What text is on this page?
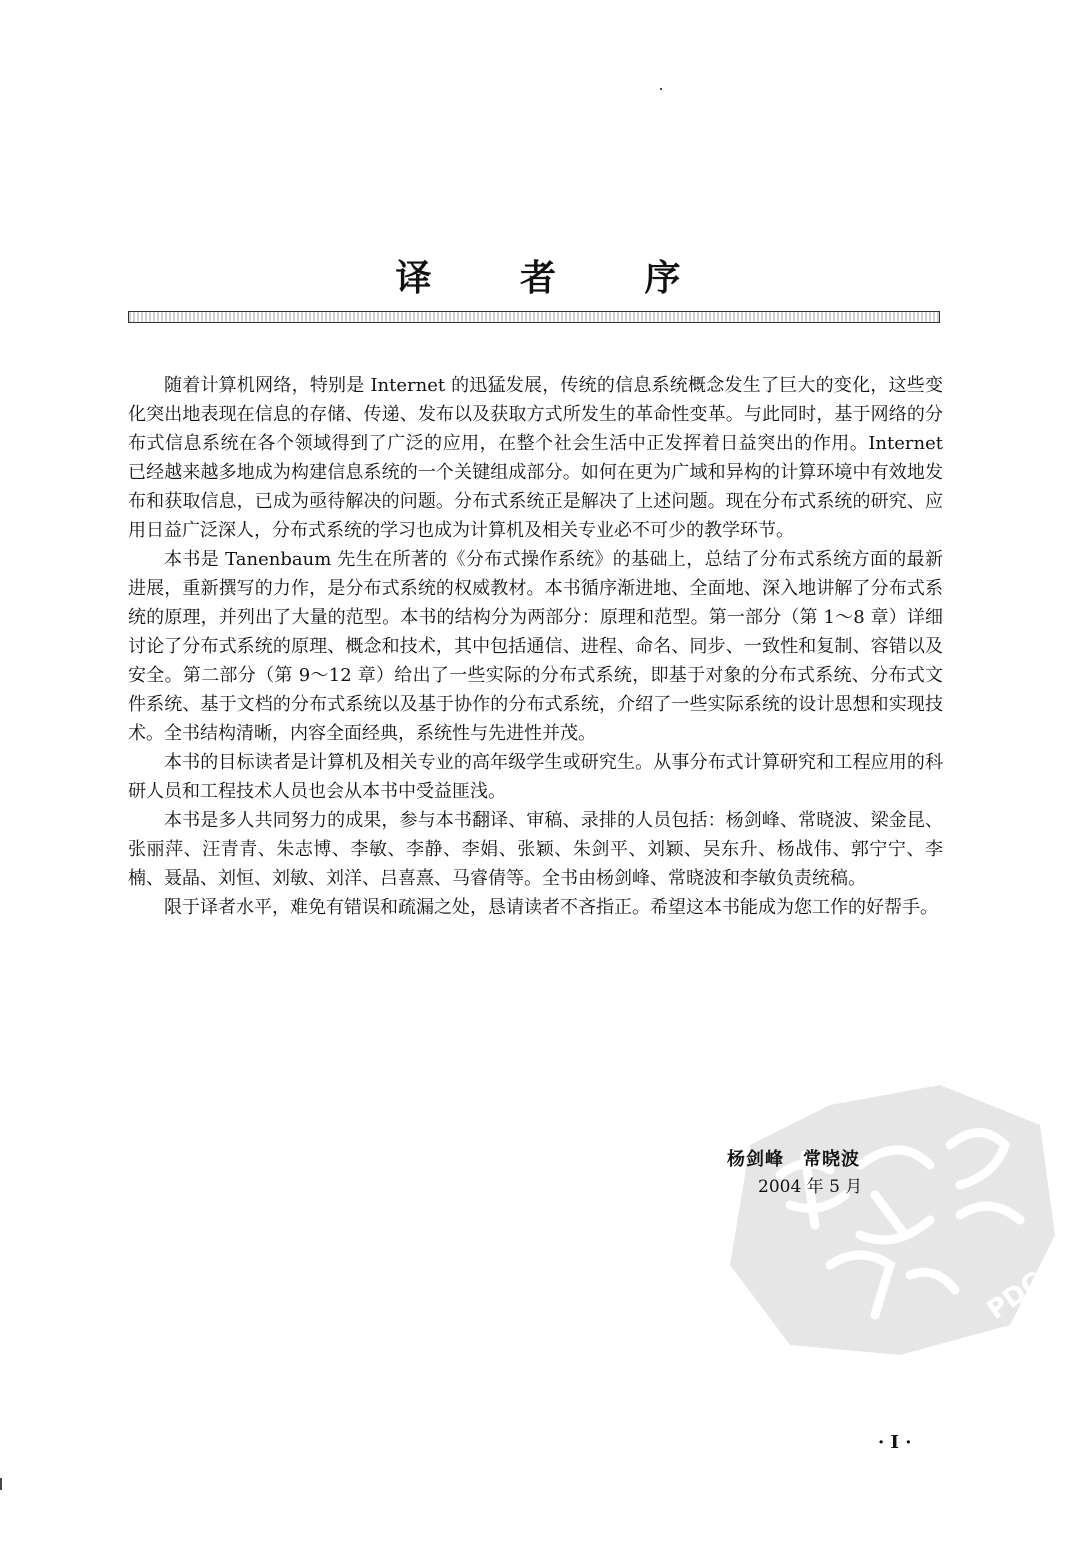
译 者 序

随着计算机网络，特别是 Internet 的迅猛发展，传统的信息系统概念发生了巨大的变化，这些变化突出地表现在信息的存储、传递、发布以及获取方式所发生的革命性变革。与此同时，基于网络的分布式信息系统在各个领域得到了广泛的应用，在整个社会生活中正发挥着日益突出的作用。Internet 已经越来越多地成为构建信息系统的一个关键组成部分。如何在更为广域和异构的计算环境中有效地发布和获取信息，已成为亟待解决的问题。分布式系统正是解决了上述问题。现在分布式系统的研究、应用日益广泛深人，分布式系统的学习也成为计算机及相关专业必不可少的教学环节。

本书是 Tanenbaum 先生在所著的《分布式操作系统》的基础上，总结了分布式系统方面的最新进展，重新撰写的力作，是分布式系统的权威教材。本书循序渐进地、全面地、深入地讲解了分布式系统的原理，并列出了大量的范型。本书的结构分为两部分：原理和范型。第一部分（第 1～8 章）详细讨论了分布式系统的原理、概念和技术，其中包括通信、进程、命名、同步、一致性和复制、容错以及安全。第二部分（第 9～12 章）给出了一些实际的分布式系统，即基于对象的分布式系统、分布式文件系统、基于文档的分布式系统以及基于协作的分布式系统，介绍了一些实际系统的设计思想和实现技术。全书结构清晰，内容全面经典，系统性与先进性并茂。

本书的目标读者是计算机及相关专业的高年级学生或研究生。从事分布式计算研究和工程应用的科研人员和工程技术人员也会从本书中受益匪浅。

本书是多人共同努力的成果，参与本书翻译、审稿、录排的人员包括：杨剑峰、常晓波、梁金昆、张丽萍、汪青青、朱志博、李敏、李静、李娟、张颖、朱剑平、刘颖、吴东升、杨战伟、郭宁宁、李楠、聂晶、刘恒、刘敏、刘洋、吕喜熹、马睿倩等。全书由杨剑峰、常晓波和李敏负责统稿。

限于译者水平，难免有错误和疏漏之处，恳请读者不吝指正。希望这本书能成为您工作的好帮手。

PDG
杨剑峰　常晓波
2004 年 5 月
· I ·
